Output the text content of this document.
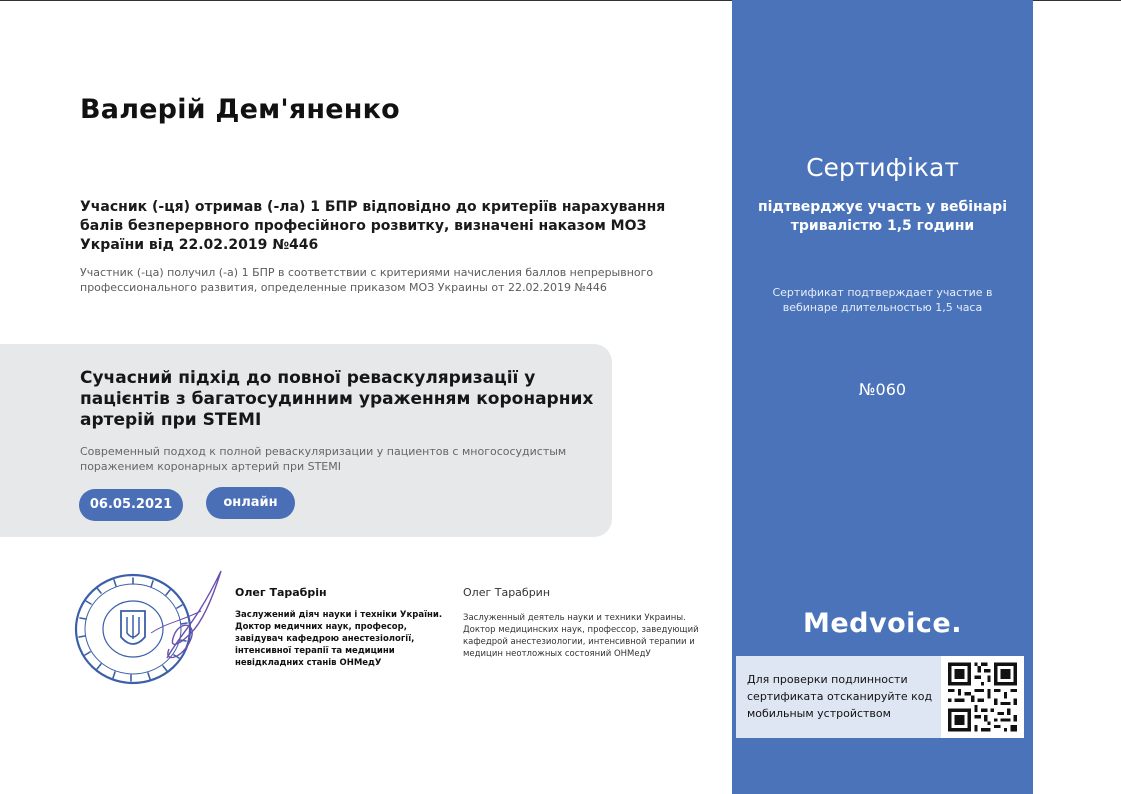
Валерій Дем'яненко
Учасник (-ця) отримав (-ла) 1 БПР відповідно до критеріїв нарахування балів безперервного професійного розвитку, визначені наказом МОЗ України від 22.02.2019 №446
Участник (-ца) получил (-а) 1 БПР в соответствии с критериями начисления баллов непрерывного профессионального развития, определенные приказом МОЗ Украины от 22.02.2019 №446
Сучасний підхід до повної реваскуляризації у пацієнтів з багатосудинним ураженням коронарних артерій при STEMI
Современный подход к полной реваскуляризации у пациентов с многососудистым поражением коронарных артерий при STEMI
06.05.2021	онлайн
Олег Тарабрін
Заслужений діяч науки і техніки України. Доктор медичних наук, професор, завідувач кафедрою анестезіології, інтенсивної терапії та медицини невідкладних станів ОНМедУ
Олег Тарабрин
Заслуженный деятель науки и техники Украины. Доктор медицинских наук, профессор, заведующий кафедрой анестезиологии, интенсивной терапии и медицин неотложных состояний ОНМедУ
Сертифікат
підтверджує участь у вебінарі тривалістю 1,5 години
Сертификат подтверждает участие в вебинаре длительностью 1,5 часа
№060
Medvoice.
Для проверки подлинности сертификата отсканируйте код мобильным устройством
